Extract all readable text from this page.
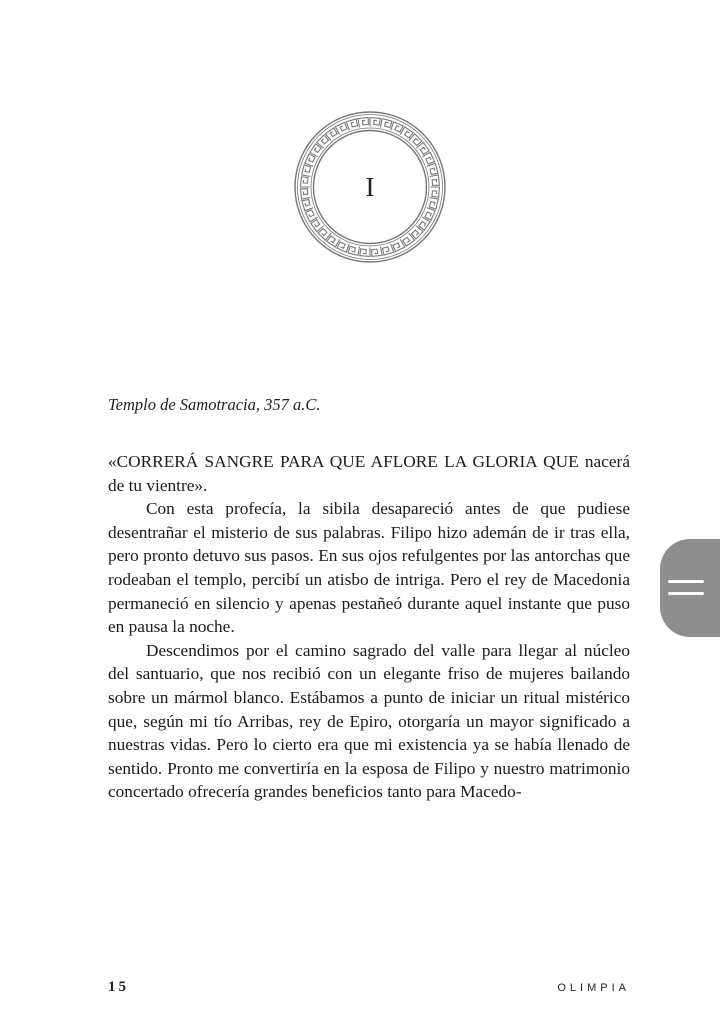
I

Templo de Samotracia, 357 a.C.

«CORRERÁ SANGRE PARA QUE AFLORE LA GLORIA QUE nacerá de tu vientre».

Con esta profecía, la sibila desapareció antes de que pudiese desentrañar el misterio de sus palabras. Filipo hizo ademán de ir tras ella, pero pronto detuvo sus pasos. En sus ojos refulgentes por las antorchas que rodeaban el templo, percibí un atisbo de intriga. Pero el rey de Macedonia permaneció en silencio y apenas pestañeó durante aquel instante que puso en pausa la noche.

Descendimos por el camino sagrado del valle para llegar al núcleo del santuario, que nos recibió con un elegante friso de mujeres bailando sobre un mármol blanco. Estábamos a punto de iniciar un ritual mistérico que, según mi tío Arribas, rey de Epiro, otorgaría un mayor significado a nuestras vidas. Pero lo cierto era que mi existencia ya se había llenado de sentido. Pronto me convertiría en la esposa de Filipo y nuestro matrimonio concertado ofrecería grandes beneficios tanto para Macedo-

15	OLIMPIA
